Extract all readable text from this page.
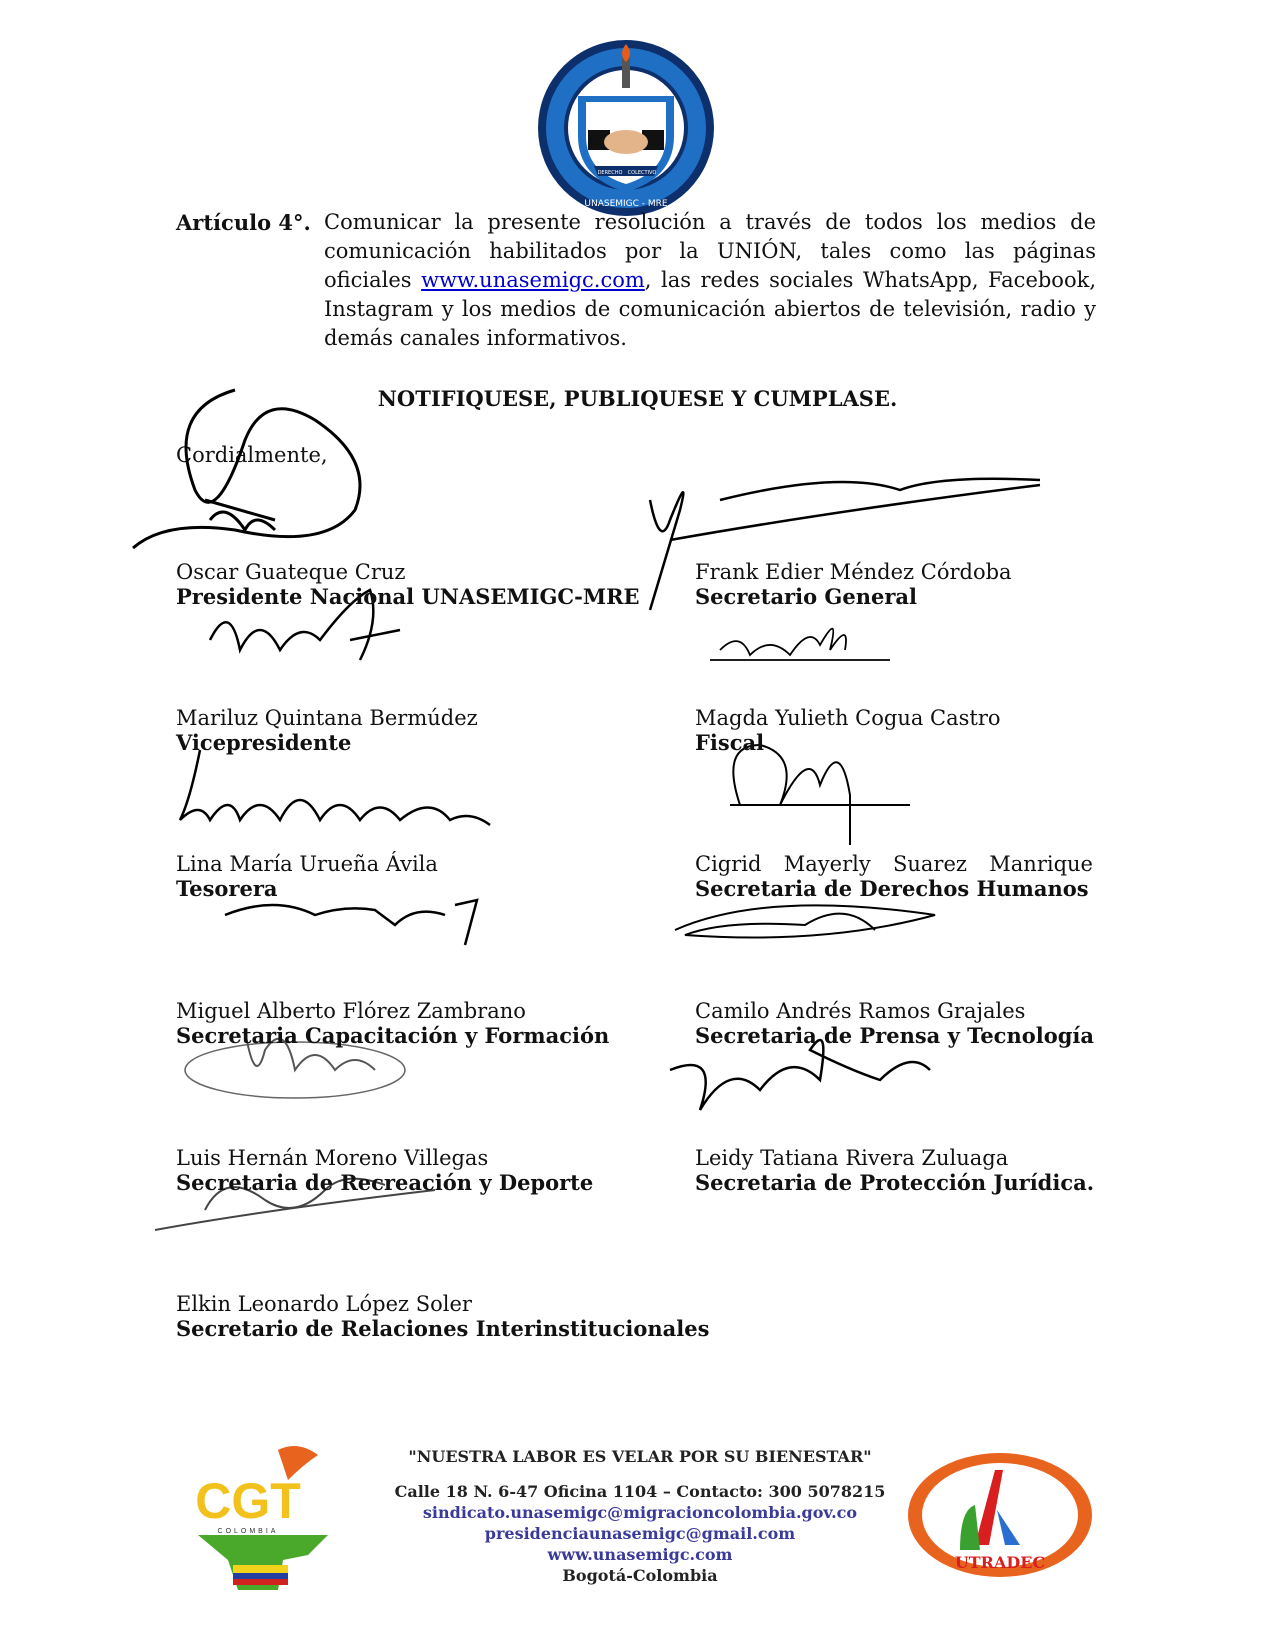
UNASEMIGC - MRE
DERECHO COLECTIVO
Artículo 4°. Comunicar la presente resolución a través de todos los medios de comunicación habilitados por la UNIÓN, tales como las páginas oficiales www.unasemigc.com, las redes sociales WhatsApp, Facebook, Instagram y los medios de comunicación abiertos de televisión, radio y demás canales informativos.
NOTIFIQUESE, PUBLIQUESE Y CUMPLASE.
Cordialmente,
Oscar Guateque Cruz
Presidente Nacional UNASEMIGC-MRE
Frank Edier Méndez Córdoba
Secretario General
Mariluz Quintana Bermúdez
Vicepresidente
Magda Yulieth Cogua Castro
Fiscal
Lina María Urueña Ávila
Tesorera
Cigrid Mayerly Suarez Manrique
Secretaria de Derechos Humanos
Miguel Alberto Flórez Zambrano
Secretaria Capacitación y Formación
Camilo Andrés Ramos Grajales
Secretaria de Prensa y Tecnología
Luis Hernán Moreno Villegas
Secretaria de Recreación y Deporte
Leidy Tatiana Rivera Zuluaga
Secretaria de Protección Jurídica.
Elkin Leonardo López Soler
Secretario de Relaciones Interinstitucionales
CGT
COLOMBIA
"NUESTRA LABOR ES VELAR POR SU BIENESTAR"
Calle 18 N. 6-47 Oficina 1104 – Contacto: 300 5078215
sindicato.unasemigc@migracioncolombia.gov.co
presidenciaunasemigc@gmail.com
www.unasemigc.com
Bogotá-Colombia
UTRADEC
